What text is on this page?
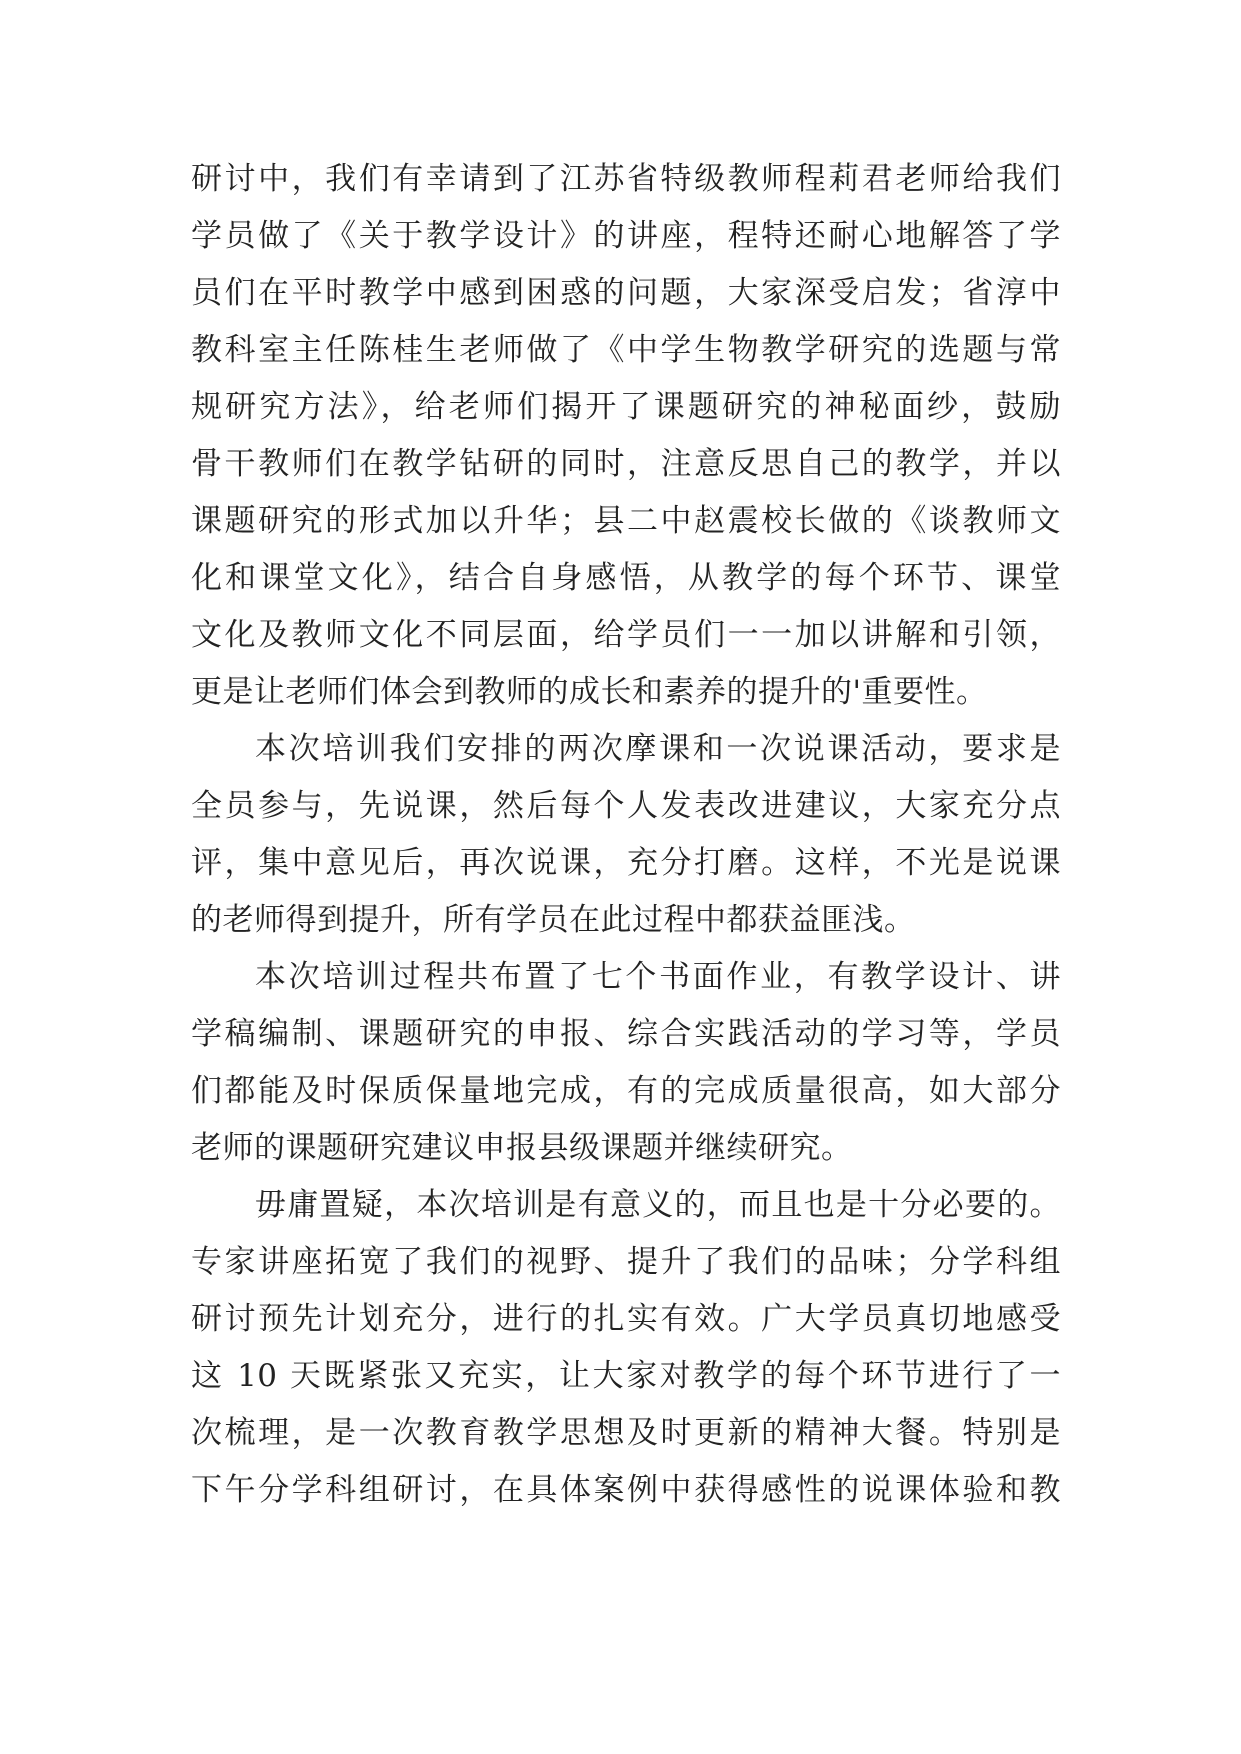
研讨中，我们有幸请到了江苏省特级教师程莉君老师给我们
学员做了《关于教学设计》的讲座，程特还耐心地解答了学
员们在平时教学中感到困惑的问题，大家深受启发；省淳中
教科室主任陈桂生老师做了《中学生物教学研究的选题与常
规研究方法》，给老师们揭开了课题研究的神秘面纱，鼓励
骨干教师们在教学钻研的同时，注意反思自己的教学，并以
课题研究的形式加以升华；县二中赵震校长做的《谈教师文
化和课堂文化》，结合自身感悟，从教学的每个环节、课堂
文化及教师文化不同层面，给学员们一一加以讲解和引领，
更是让老师们体会到教师的成长和素养的提升的'重要性。
本次培训我们安排的两次摩课和一次说课活动，要求是
全员参与，先说课，然后每个人发表改进建议，大家充分点
评，集中意见后，再次说课，充分打磨。这样，不光是说课
的老师得到提升，所有学员在此过程中都获益匪浅。
本次培训过程共布置了七个书面作业，有教学设计、讲
学稿编制、课题研究的申报、综合实践活动的学习等，学员
们都能及时保质保量地完成，有的完成质量很高，如大部分
老师的课题研究建议申报县级课题并继续研究。
毋庸置疑，本次培训是有意义的，而且也是十分必要的。
专家讲座拓宽了我们的视野、提升了我们的品味；分学科组
研讨预先计划充分，进行的扎实有效。广大学员真切地感受
这 10 天既紧张又充实，让大家对教学的每个环节进行了一
次梳理，是一次教育教学思想及时更新的精神大餐。特别是
下午分学科组研讨，在具体案例中获得感性的说课体验和教
